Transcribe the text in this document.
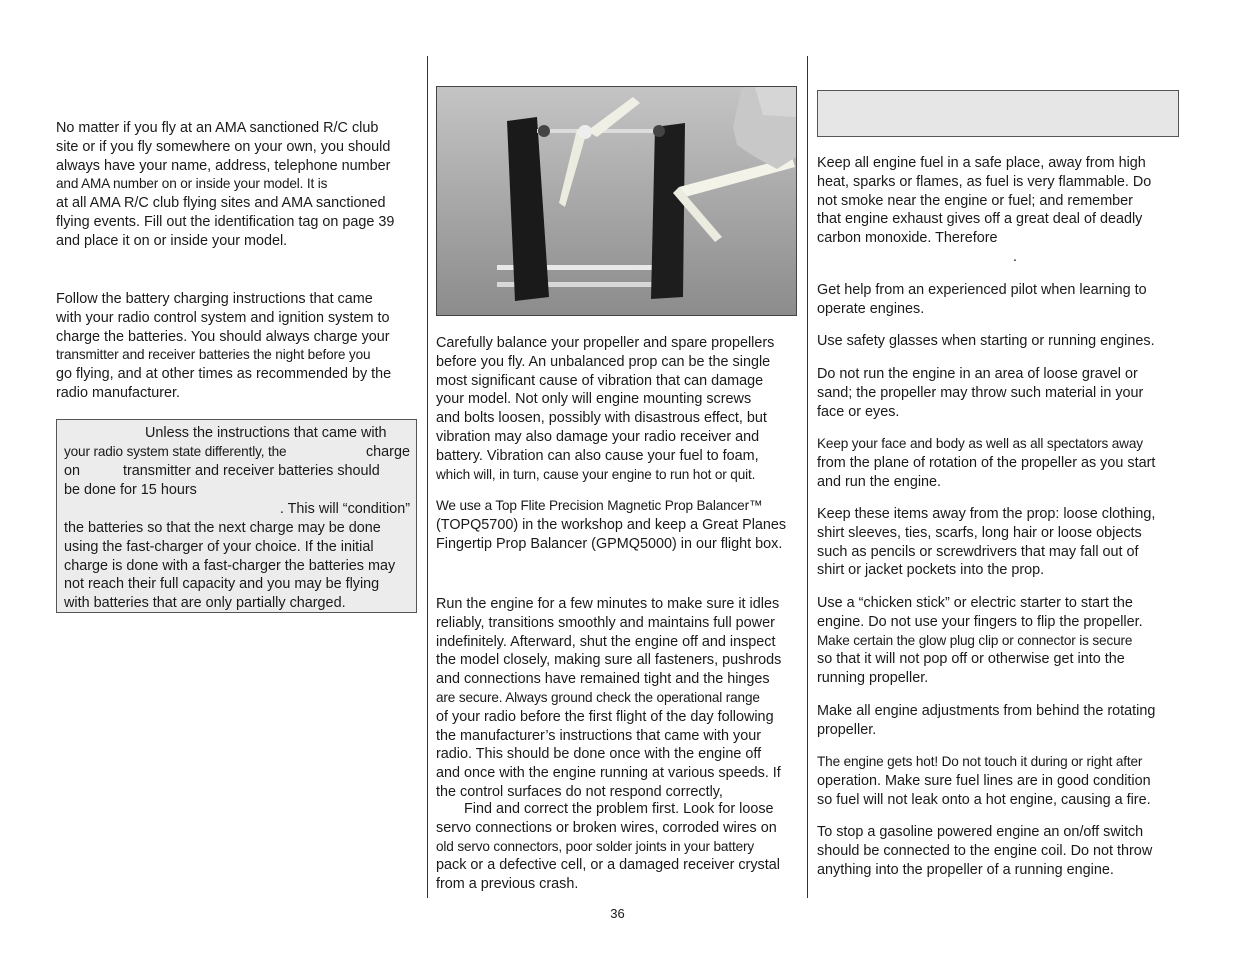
No matter if you fly at an AMA sanctioned R/C club
site or if you fly somewhere on your own, you should
always have your name, address, telephone number
and AMA number on or inside your model. It is
at all AMA R/C club flying sites and AMA sanctioned
flying events. Fill out the identification tag on page 39
and place it on or inside your model.

Follow the battery charging instructions that came
with your radio control system and ignition system to
charge the batteries. You should always charge your
transmitter and receiver batteries the night before you
go flying, and at other times as recommended by the
radio manufacturer.

Unless the instructions that came with

your radio system state differently, the	charge

on	transmitter and receiver batteries should

be done for 15 hours

. This will “condition”

the batteries so that the next charge may be done
using the fast-charger of your choice. If the initial
charge is done with a fast-charger the batteries may
not reach their full capacity and you may be flying
with batteries that are only partially charged.

Carefully balance your propeller and spare propellers
before you fly. An unbalanced prop can be the single
most significant cause of vibration that can damage
your model. Not only will engine mounting screws
and bolts loosen, possibly with disastrous effect, but
vibration may also damage your radio receiver and
battery. Vibration can also cause your fuel to foam,
which will, in turn, cause your engine to run hot or quit.

We use a Top Flite Precision Magnetic Prop Balancer™
(TOPQ5700) in the workshop and keep a Great Planes
Fingertip Prop Balancer (GPMQ5000) in our flight box.

Run the engine for a few minutes to make sure it idles
reliably, transitions smoothly and maintains full power
indefinitely. Afterward, shut the engine off and inspect
the model closely, making sure all fasteners, pushrods
and connections have remained tight and the hinges
are secure. Always ground check the operational range
of your radio before the first flight of the day following
the manufacturer’s instructions that came with your
radio. This should be done once with the engine off
and once with the engine running at various speeds. If
the control surfaces do not respond correctly,

Find and correct the problem first. Look for loose
servo connections or broken wires, corroded wires on
old servo connectors, poor solder joints in your battery
pack or a defective cell, or a damaged receiver crystal
from a previous crash.

Keep all engine fuel in a safe place, away from high
heat, sparks or flames, as fuel is very flammable. Do
not smoke near the engine or fuel; and remember
that engine exhaust gives off a great deal of deadly
carbon monoxide. Therefore

.

Get help from an experienced pilot when learning to
operate engines.

Use safety glasses when starting or running engines.

Do not run the engine in an area of loose gravel or
sand; the propeller may throw such material in your
face or eyes.

Keep your face and body as well as all spectators away
from the plane of rotation of the propeller as you start
and run the engine.

Keep these items away from the prop: loose clothing,
shirt sleeves, ties, scarfs, long hair or loose objects
such as pencils or screwdrivers that may fall out of
shirt or jacket pockets into the prop.

Use a “chicken stick” or electric starter to start the
engine. Do not use your fingers to flip the propeller.
Make certain the glow plug clip or connector is secure
so that it will not pop off or otherwise get into the
running propeller.

Make all engine adjustments from behind the rotating
propeller.

The engine gets hot! Do not touch it during or right after
operation. Make sure fuel lines are in good condition
so fuel will not leak onto a hot engine, causing a fire.

To stop a gasoline powered engine an on/off switch
should be connected to the engine coil. Do not throw
anything into the propeller of a running engine.

36
